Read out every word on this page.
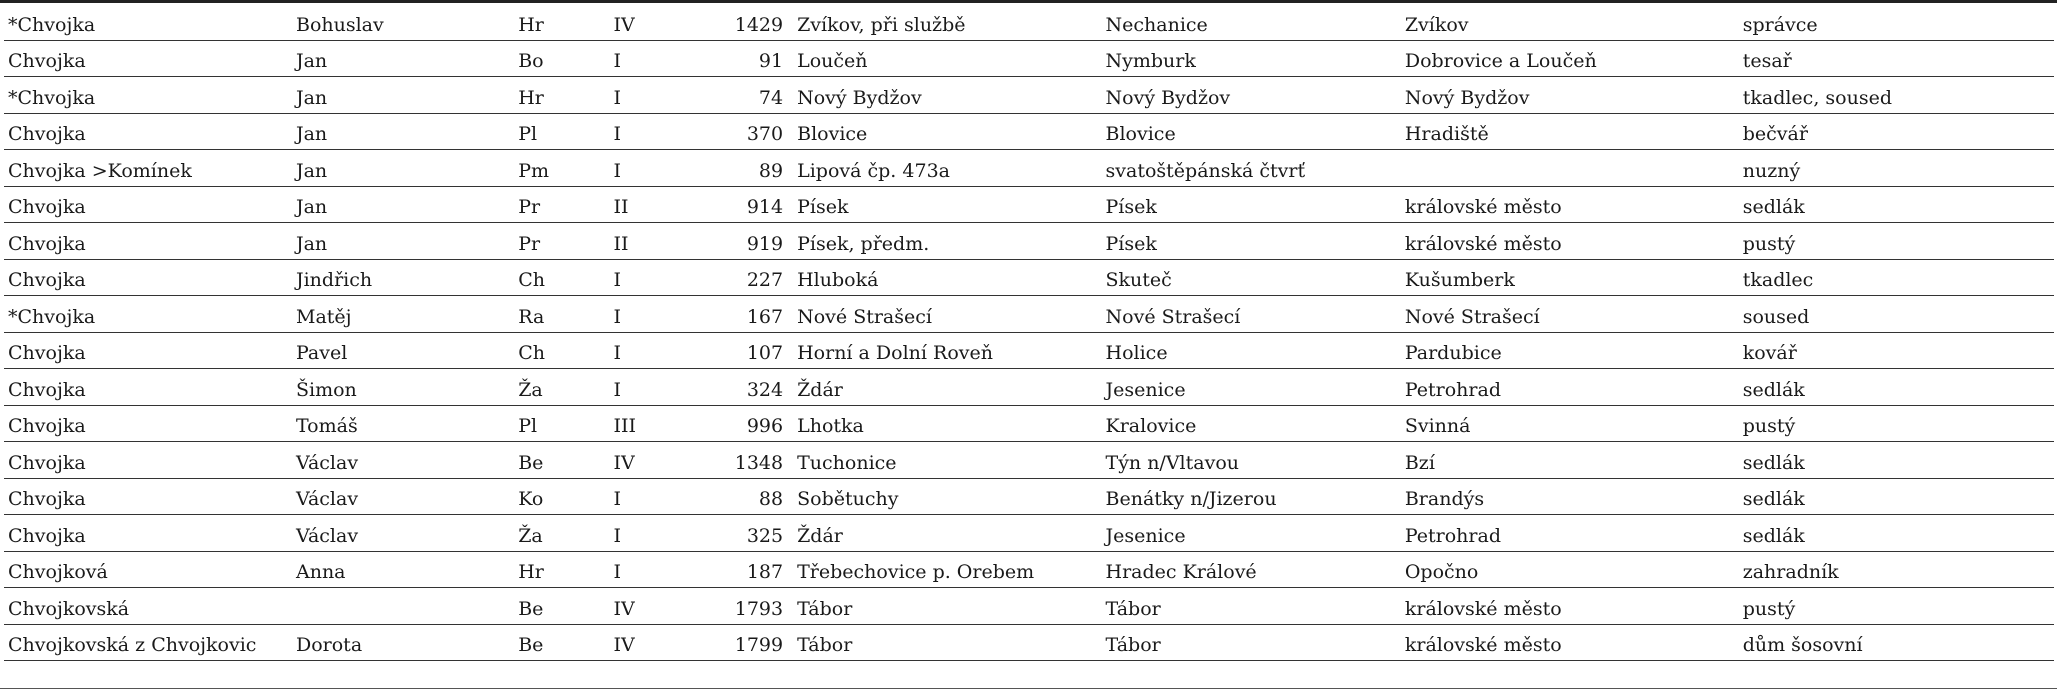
*Chvojka	Bohuslav	Hr	IV	1429	Zvíkov, při službě	Nechanice	Zvíkov	správce
Chvojka	Jan	Bo	I	91	Loučeň	Nymburk	Dobrovice a Loučeň	tesař
*Chvojka	Jan	Hr	I	74	Nový Bydžov	Nový Bydžov	Nový Bydžov	tkadlec, soused
Chvojka	Jan	Pl	I	370	Blovice	Blovice	Hradiště	bečvář
Chvojka >Komínek	Jan	Pm	I	89	Lipová čp. 473a	svatoštěpánská čtvrť		nuzný
Chvojka	Jan	Pr	II	914	Písek	Písek	královské město	sedlák
Chvojka	Jan	Pr	II	919	Písek, předm.	Písek	královské město	pustý
Chvojka	Jindřich	Ch	I	227	Hluboká	Skuteč	Kušumberk	tkadlec
*Chvojka	Matěj	Ra	I	167	Nové Strašecí	Nové Strašecí	Nové Strašecí	soused
Chvojka	Pavel	Ch	I	107	Horní a Dolní Roveň	Holice	Pardubice	kovář
Chvojka	Šimon	Ža	I	324	Ždár	Jesenice	Petrohrad	sedlák
Chvojka	Tomáš	Pl	III	996	Lhotka	Kralovice	Svinná	pustý
Chvojka	Václav	Be	IV	1348	Tuchonice	Týn n/Vltavou	Bzí	sedlák
Chvojka	Václav	Ko	I	88	Sobětuchy	Benátky n/Jizerou	Brandýs	sedlák
Chvojka	Václav	Ža	I	325	Ždár	Jesenice	Petrohrad	sedlák
Chvojková	Anna	Hr	I	187	Třebechovice p. Orebem	Hradec Králové	Opočno	zahradník
Chvojkovská		Be	IV	1793	Tábor	Tábor	královské město	pustý
Chvojkovská z Chvojkovic	Dorota	Be	IV	1799	Tábor	Tábor	královské město	dům šosovní
